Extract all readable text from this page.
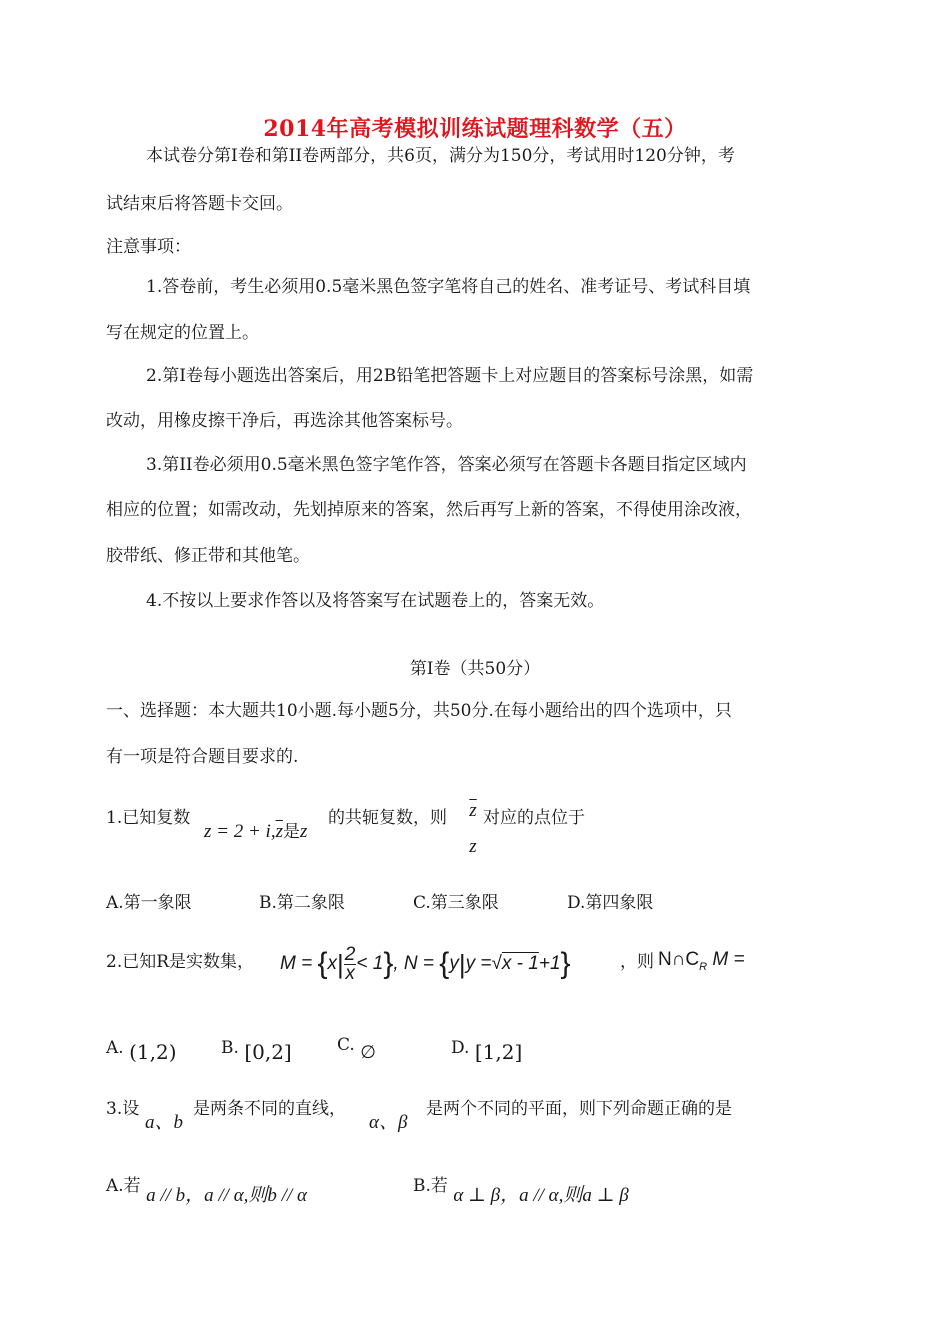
2014年高考模拟训练试题理科数学（五）
本试卷分第Ⅰ卷和第II卷两部分，共6页，满分为150分，考试用时120分钟，考
试结束后将答题卡交回。
注意事项：
1.答卷前，考生必须用0.5毫米黑色签字笔将自己的姓名、准考证号、考试科目填
写在规定的位置上。
2.第Ⅰ卷每小题选出答案后，用2B铅笔把答题卡上对应题目的答案标号涂黑，如需
改动，用橡皮擦干净后，再选涂其他答案标号。
3.第II卷必须用0.5毫米黑色签字笔作答，答案必须写在答题卡各题目指定区域内
相应的位置；如需改动，先划掉原来的答案，然后再写上新的答案，不得使用涂改液，
胶带纸、修正带和其他笔。
4.不按以上要求作答以及将答案写在试题卷上的，答案无效。
第Ⅰ卷（共50分）
一、选择题：本大题共10小题.每小题5分，共50分.在每小题给出的四个选项中，只
有一项是符合题目要求的.
1.已知复数
$z = 2 + i,\overline{z}$是z
的共轭复数，则 $\overline{z}$
z
对应的点位于
A.第一象限	B.第二象限	C.第三象限	D.第四象限
2.已知R是实数集， $M = \{x| \frac{2}{x} < 1\}$, N = {y|y =√x - 1+1}	，则 $N\cap C_R$ M =
A. (1,2)	B. [0,2]	C. ∅	D. [1,2]
3.设
a、b
是两条不同的直线，
α、β
是两个不同的平面，则下列命题正确的是
A.若 a // b，a // α,则b // α	B.若 α ⊥ β，a // α,则a ⊥ β
